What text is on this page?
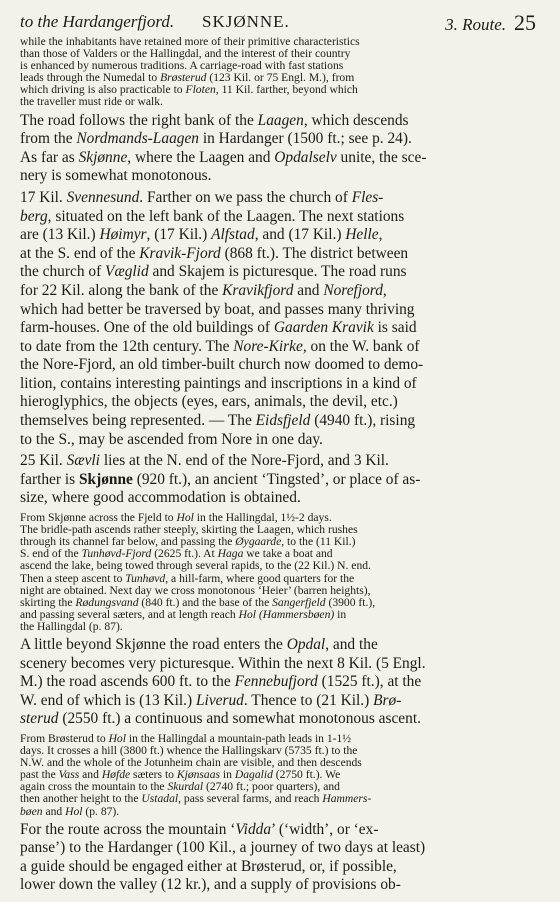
to the Hardangerfjord. SKJØNNE.	3. Route. 25
while the inhabitants have retained more of their primitive characteristics
than those of Valders or the Hallingdal, and the interest of their country
is enhanced by numerous traditions. A carriage-road with fast stations
leads through the Numedal to Brøsterud (123 Kil. or 75 Engl. M.), from
which driving is also practicable to Floten, 11 Kil. farther, beyond which
the traveller must ride or walk.
The road follows the right bank of the Laagen, which descends
from the Nordmands-Laagen in Hardanger (1500 ft.; see p. 24).
As far as Skjønne, where the Laagen and Opdalselv unite, the sce-
nery is somewhat monotonous.
17 Kil. Svennesund. Farther on we pass the church of Fles-
berg, situated on the left bank of the Laagen. The next stations
are (13 Kil.) Høimyr, (17 Kil.) Alfstad, and (17 Kil.) Helle,
at the S. end of the Kravik-Fjord (868 ft.). The district between
the church of Væglid and Skajem is picturesque. The road runs
for 22 Kil. along the bank of the Kravikfjord and Norefjord,
which had better be traversed by boat, and passes many thriving
farm-houses. One of the old buildings of Gaarden Kravik is said
to date from the 12th century. The Nore-Kirke, on the W. bank of
the Nore-Fjord, an old timber-built church now doomed to demo-
lition, contains interesting paintings and inscriptions in a kind of
hieroglyphics, the objects (eyes, ears, animals, the devil, etc.)
themselves being represented. — The Eidsfjeld (4940 ft.), rising
to the S., may be ascended from Nore in one day.
25 Kil. Sævli lies at the N. end of the Nore-Fjord, and 3 Kil.
farther is Skjønne (920 ft.), an ancient ‘Tingsted’, or place of as-
size, where good accommodation is obtained.
From Skjønne across the Fjeld to Hol in the Hallingdal, 1½-2 days.
The bridle-path ascends rather steeply, skirting the Laagen, which rushes
through its channel far below, and passing the Øygaarde, to the (11 Kil.)
S. end of the Tunhøvd-Fjord (2625 ft.). At Haga we take a boat and
ascend the lake, being towed through several rapids, to the (22 Kil.) N. end.
Then a steep ascent to Tunhøvd, a hill-farm, where good quarters for the
night are obtained. Next day we cross monotonous ‘Heier’ (barren heights),
skirting the Rødungsvand (840 ft.) and the base of the Sangerfjeld (3900 ft.),
and passing several sæters, and at length reach Hol (Hammersbøen) in
the Hallingdal (p. 87).
A little beyond Skjønne the road enters the Opdal, and the
scenery becomes very picturesque. Within the next 8 Kil. (5 Engl.
M.) the road ascends 600 ft. to the Fennebufjord (1525 ft.), at the
W. end of which is (13 Kil.) Liverud. Thence to (21 Kil.) Brø-
sterud (2550 ft.) a continuous and somewhat monotonous ascent.
From Brøsterud to Hol in the Hallingdal a mountain-path leads in 1-1½
days. It crosses a hill (3800 ft.) whence the Hallingskarv (5735 ft.) to the
N.W. and the whole of the Jotunheim chain are visible, and then descends
past the Vass and Høfde sæters to Kjønsaas in Dagalid (2750 ft.). We
again cross the mountain to the Skurdal (2740 ft.; poor quarters), and
then another height to the Ustadal, pass several farms, and reach Hammers-
bøen and Hol (p. 87).
For the route across the mountain ‘Vidda’ (‘width’, or ‘ex-
panse’) to the Hardanger (100 Kil., a journey of two days at least)
a guide should be engaged either at Brøsterud, or, if possible,
lower down the valley (12 kr.), and a supply of provisions ob-
